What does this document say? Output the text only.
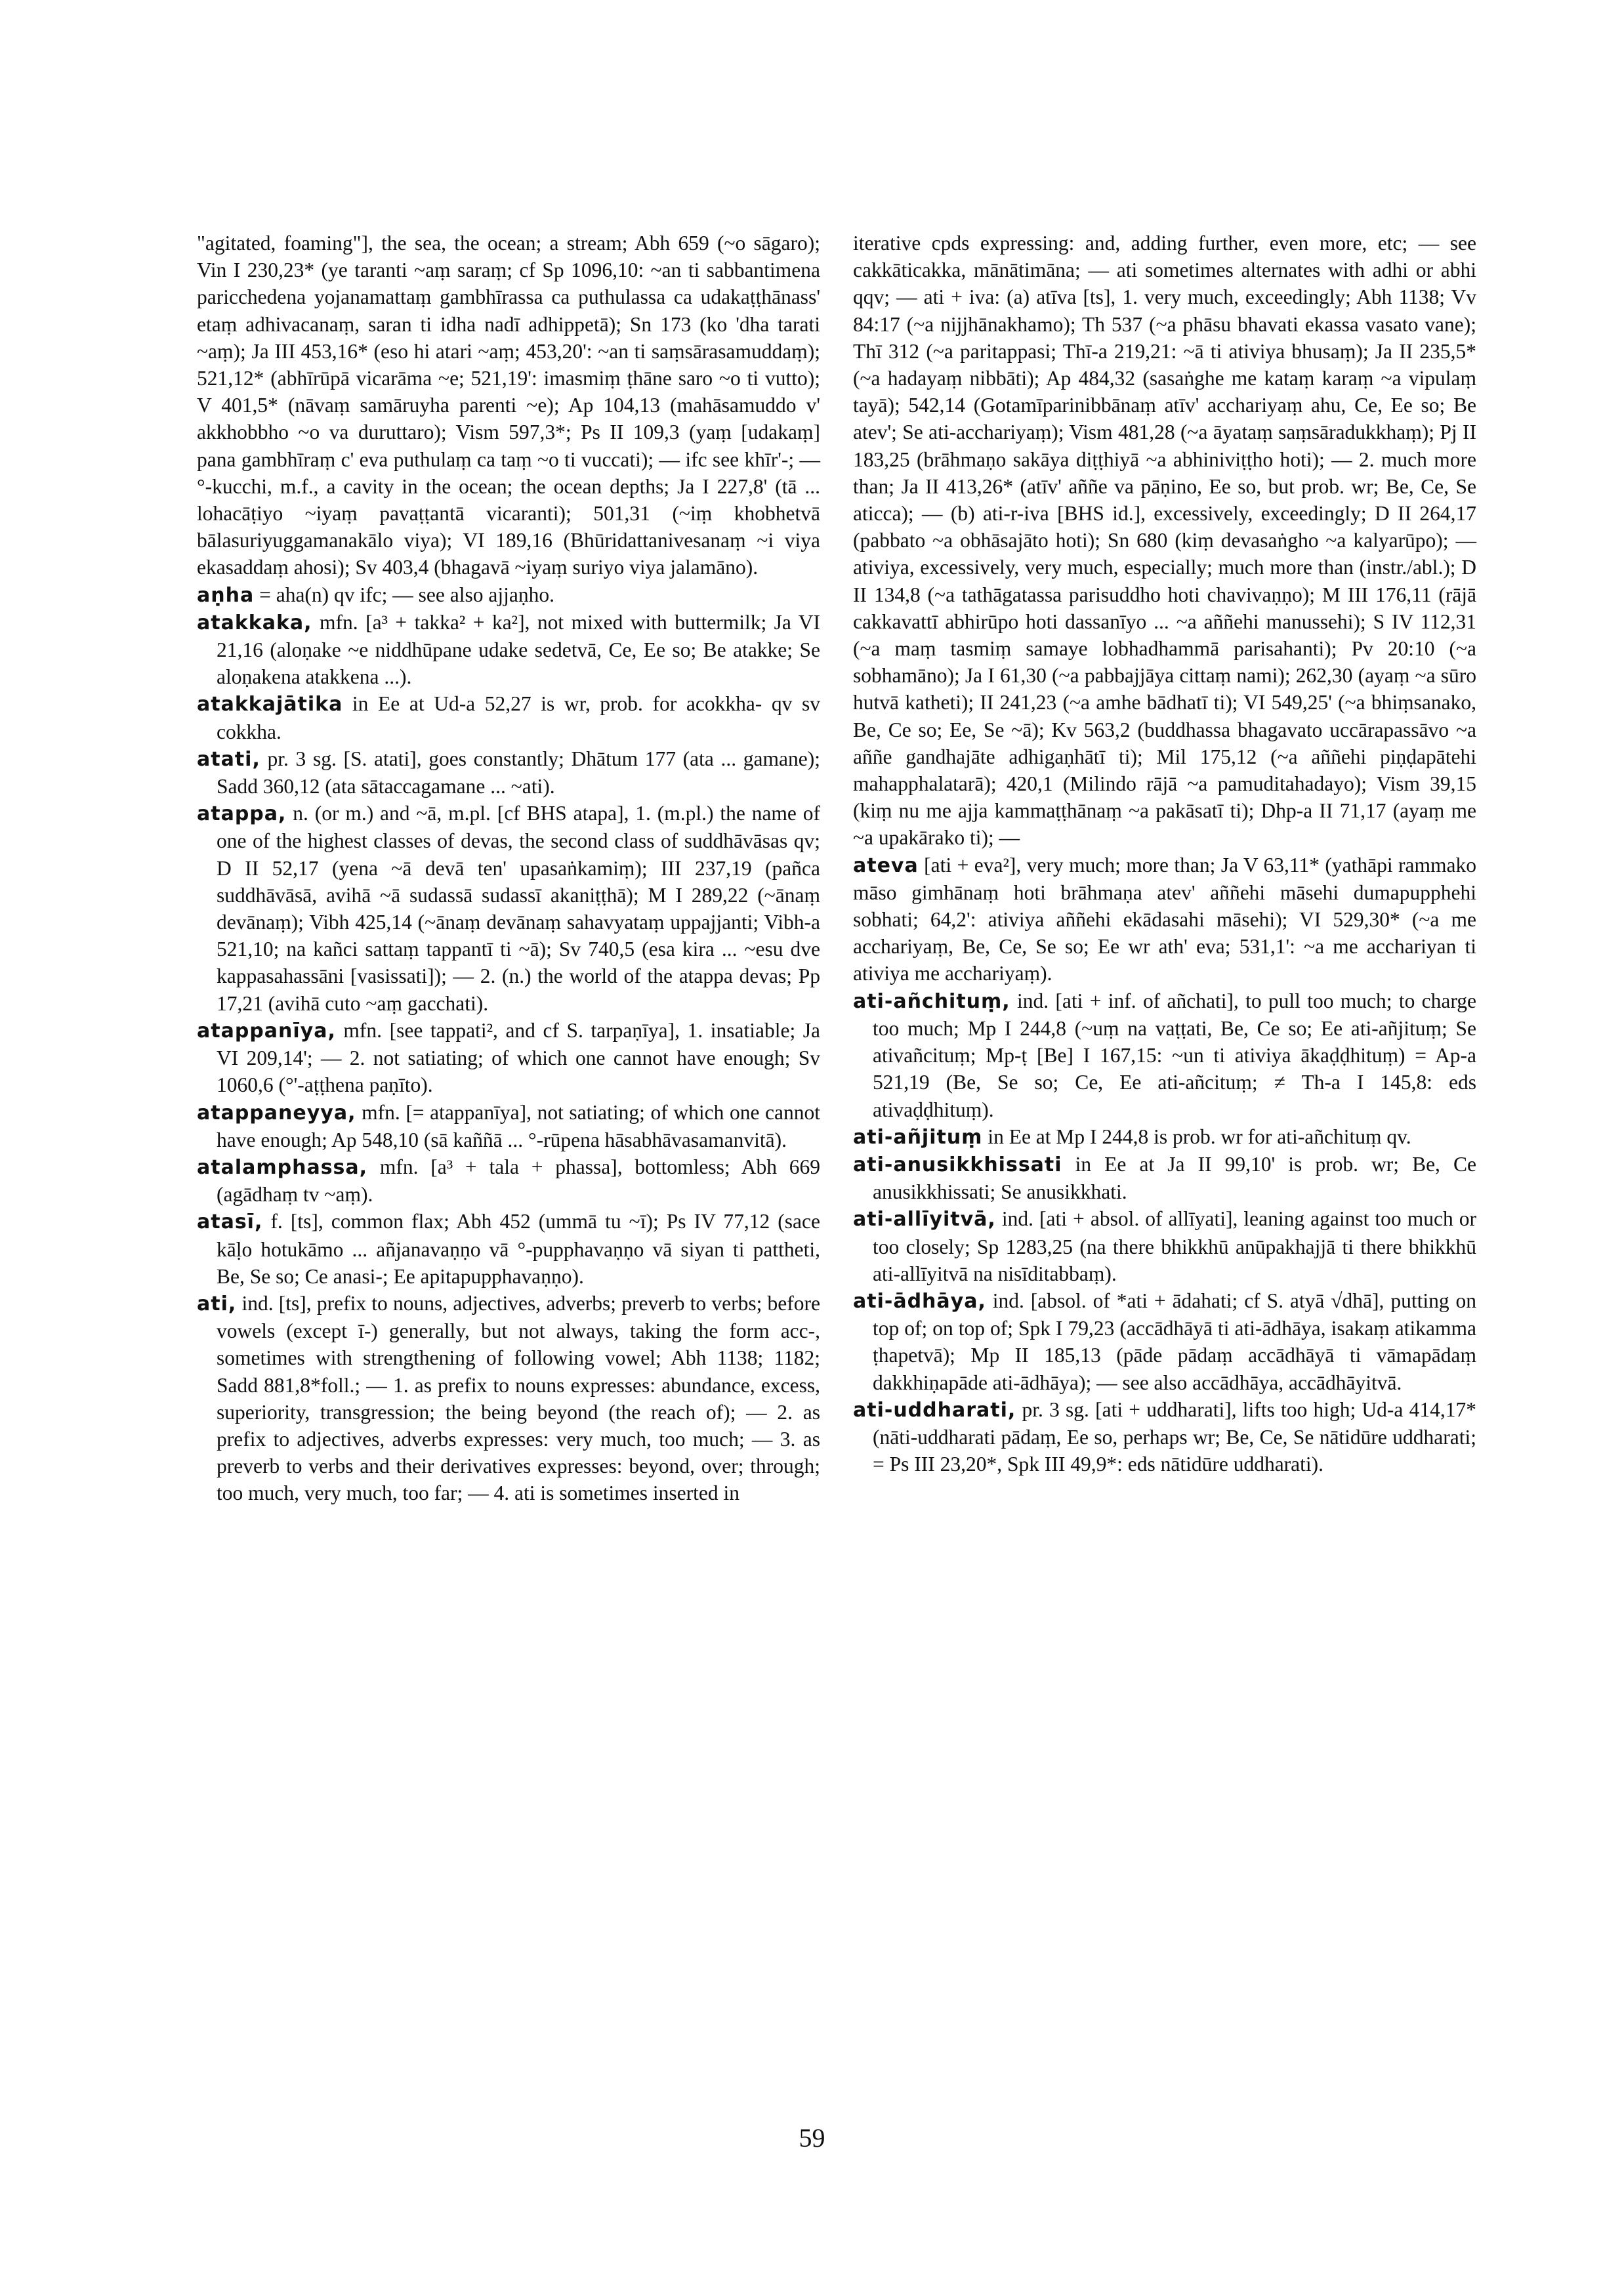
"agitated, foaming"], the sea, the ocean; a stream; Abh 659 (~o sāgaro); Vin I 230,23* (ye taranti ~aṃ saraṃ; cf Sp 1096,10: ~an ti sabbantimena paricchedena yojanamattaṃ gambhīrassa ca puthulassa ca udakaṭṭhānass' etaṃ adhivacanaṃ, saran ti idha nadī adhippetā); Sn 173 (ko 'dha tarati ~aṃ); Ja III 453,16* (eso hi atari ~aṃ; 453,20': ~an ti saṃsārasamuddaṃ); 521,12* (abhīrūpā vicarāma ~e; 521,19': imasmiṃ ṭhāne saro ~o ti vutto); V 401,5* (nāvaṃ samāruyha parenti ~e); Ap 104,13 (mahāsamuddo v' akkhobbho ~o va duruttaro); Vism 597,3*; Ps II 109,3 (yaṃ [udakaṃ] pana gambhīraṃ c' eva puthulaṃ ca taṃ ~o ti vuccati); — ifc see khīr'-; — °-kucchi, m.f., a cavity in the ocean; the ocean depths; Ja I 227,8' (tā ... lohacāṭiyo ~iyaṃ pavaṭṭantā vicaranti); 501,31 (~iṃ khobhetvā bālasuriyuggamanakālo viya); VI 189,16 (Bhūridattanivesanaṃ ~i viya ekasaddaṃ ahosi); Sv 403,4 (bhagavā ~iyaṃ suriyo viya jalamāno).

aṇha = aha(n) qv ifc; — see also ajjaṇho.

atakkaka, mfn. [a³ + takka² + ka²], not mixed with buttermilk; Ja VI 21,16 (aloṇake ~e niddhūpane udake sedetvā, Ce, Ee so; Be atakke; Se aloṇakena atakkena ...).

atakkajātika in Ee at Ud-a 52,27 is wr, prob. for acokkha- qv sv cokkha.

atati, pr. 3 sg. [S. atati], goes constantly; Dhātum 177 (ata ... gamane); Sadd 360,12 (ata sātaccagamane ... ~ati).

atappa, n. (or m.) and ~ā, m.pl. [cf BHS atapa], 1. (m.pl.) the name of one of the highest classes of devas, the second class of suddhāvāsas qv; D II 52,17 (yena ~ā devā ten' upasaṅkamiṃ); III 237,19 (pañca suddhāvāsā, avihā ~ā sudassā sudassī akaniṭṭhā); M I 289,22 (~ānaṃ devānaṃ); Vibh 425,14 (~ānaṃ devānaṃ sahavyataṃ uppajjanti; Vibh-a 521,10; na kañci sattaṃ tappantī ti ~ā); Sv 740,5 (esa kira ... ~esu dve kappasahassāni [vasissati]); — 2. (n.) the world of the atappa devas; Pp 17,21 (avihā cuto ~aṃ gacchati).

atappanīya, mfn. [see tappati², and cf S. tarpaṇīya], 1. insatiable; Ja VI 209,14'; — 2. not satiating; of which one cannot have enough; Sv 1060,6 (°'-aṭṭhena paṇīto).

atappaneyya, mfn. [= atappanīya], not satiating; of which one cannot have enough; Ap 548,10 (sā kaññā ... °-rūpena hāsabhāvasamanvitā).

atalamphassa, mfn. [a³ + tala + phassa], bottomless; Abh 669 (agādhaṃ tv ~aṃ).

atasī, f. [ts], common flax; Abh 452 (ummā tu ~ī); Ps IV 77,12 (sace kāḷo hotukāmo ... añjanavaṇṇo vā °-pupphavaṇṇo vā siyan ti pattheti, Be, Se so; Ce anasi-; Ee apitapupphavaṇṇo).

ati, ind. [ts], prefix to nouns, adjectives, adverbs; preverb to verbs; before vowels (except ī-) generally, but not always, taking the form acc-, sometimes with strengthening of following vowel; Abh 1138; 1182; Sadd 881,8*foll.; — 1. as prefix to nouns expresses: abundance, excess, superiority, transgression; the being beyond (the reach of); — 2. as prefix to adjectives, adverbs expresses: very much, too much; — 3. as preverb to verbs and their derivatives expresses: beyond, over; through; too much, very much, too far; — 4. ati is sometimes inserted in

iterative cpds expressing: and, adding further, even more, etc; — see cakkāticakka, mānātimāna; — ati sometimes alternates with adhi or abhi qqv; — ati + iva: (a) atīva [ts], 1. very much, exceedingly; Abh 1138; Vv 84:17 (~a nijjhānakhamo); Th 537 (~a phāsu bhavati ekassa vasato vane); Thī 312 (~a paritappasi; Thī-a 219,21: ~ā ti ativiya bhusaṃ); Ja II 235,5* (~a hadayaṃ nibbāti); Ap 484,32 (sasaṅghe me kataṃ karaṃ ~a vipulaṃ tayā); 542,14 (Gotamīparinibbānaṃ atīv' acchariyaṃ ahu, Ce, Ee so; Be atev'; Se ati-acchariyaṃ); Vism 481,28 (~a āyataṃ saṃsāradukkhaṃ); Pj II 183,25 (brāhmaṇo sakāya diṭṭhiyā ~a abhiniviṭṭho hoti); — 2. much more than; Ja II 413,26* (atīv' aññe va pāṇino, Ee so, but prob. wr; Be, Ce, Se aticca); — (b) ati-r-iva [BHS id.], excessively, exceedingly; D II 264,17 (pabbato ~a obhāsajāto hoti); Sn 680 (kiṃ devasaṅgho ~a kalyarūpo); — ativiya, excessively, very much, especially; much more than (instr./abl.); D II 134,8 (~a tathāgatassa parisuddho hoti chavivaṇṇo); M III 176,11 (rājā cakkavattī abhirūpo hoti dassanīyo ... ~a aññehi manussehi); S IV 112,31 (~a maṃ tasmiṃ samaye lobhadhammā parisahanti); Pv 20:10 (~a sobhamāno); Ja I 61,30 (~a pabbajjāya cittaṃ nami); 262,30 (ayaṃ ~a sūro hutvā katheti); II 241,23 (~a amhe bādhatī ti); VI 549,25' (~a bhiṃsanako, Be, Ce so; Ee, Se ~ā); Kv 563,2 (buddhassa bhagavato uccārapassāvo ~a aññe gandhajāte adhigaṇhātī ti); Mil 175,12 (~a aññehi piṇḍapātehi mahapphalatarā); 420,1 (Milindo rājā ~a pamuditahadayo); Vism 39,15 (kiṃ nu me ajja kammaṭṭhānaṃ ~a pakāsatī ti); Dhp-a II 71,17 (ayaṃ me ~a upakārako ti); —

ateva [ati + eva²], very much; more than; Ja V 63,11* (yathāpi rammako māso gimhānaṃ hoti brāhmaṇa atev' aññehi māsehi dumapupphehi sobhati; 64,2': ativiya aññehi ekādasahi māsehi); VI 529,30* (~a me acchariyaṃ, Be, Ce, Se so; Ee wr ath' eva; 531,1': ~a me acchariyan ti ativiya me acchariyaṃ).

ati-añchituṃ, ind. [ati + inf. of añchati], to pull too much; to charge too much; Mp I 244,8 (~uṃ na vaṭṭati, Be, Ce so; Ee ati-añjituṃ; Se ativañcituṃ; Mp-ṭ [Be] I 167,15: ~un ti ativiya ākaḍḍhituṃ) = Ap-a 521,19 (Be, Se so; Ce, Ee ati-añcituṃ; ≠ Th-a I 145,8: eds ativaḍḍhituṃ).

ati-añjituṃ in Ee at Mp I 244,8 is prob. wr for ati-añchituṃ qv.

ati-anusikkhissati in Ee at Ja II 99,10' is prob. wr; Be, Ce anusikkhissati; Se anusikkhati.

ati-allīyitvā, ind. [ati + absol. of allīyati], leaning against too much or too closely; Sp 1283,25 (na there bhikkhū anūpakhajjā ti there bhikkhū ati-allīyitvā na nisīditabbaṃ).

ati-ādhāya, ind. [absol. of *ati + ādahati; cf S. atyā √dhā], putting on top of; on top of; Spk I 79,23 (accādhāyā ti ati-ādhāya, isakaṃ atikamma ṭhapetvā); Mp II 185,13 (pāde pādaṃ accādhāyā ti vāmapādaṃ dakkhiṇapāde ati-ādhāya); — see also accādhāya, accādhāyitvā.

ati-uddharati, pr. 3 sg. [ati + uddharati], lifts too high; Ud-a 414,17* (nāti-uddharati pādaṃ, Ee so, perhaps wr; Be, Ce, Se nātidūre uddharati; = Ps III 23,20*, Spk III 49,9*: eds nātidūre uddharati).

59
